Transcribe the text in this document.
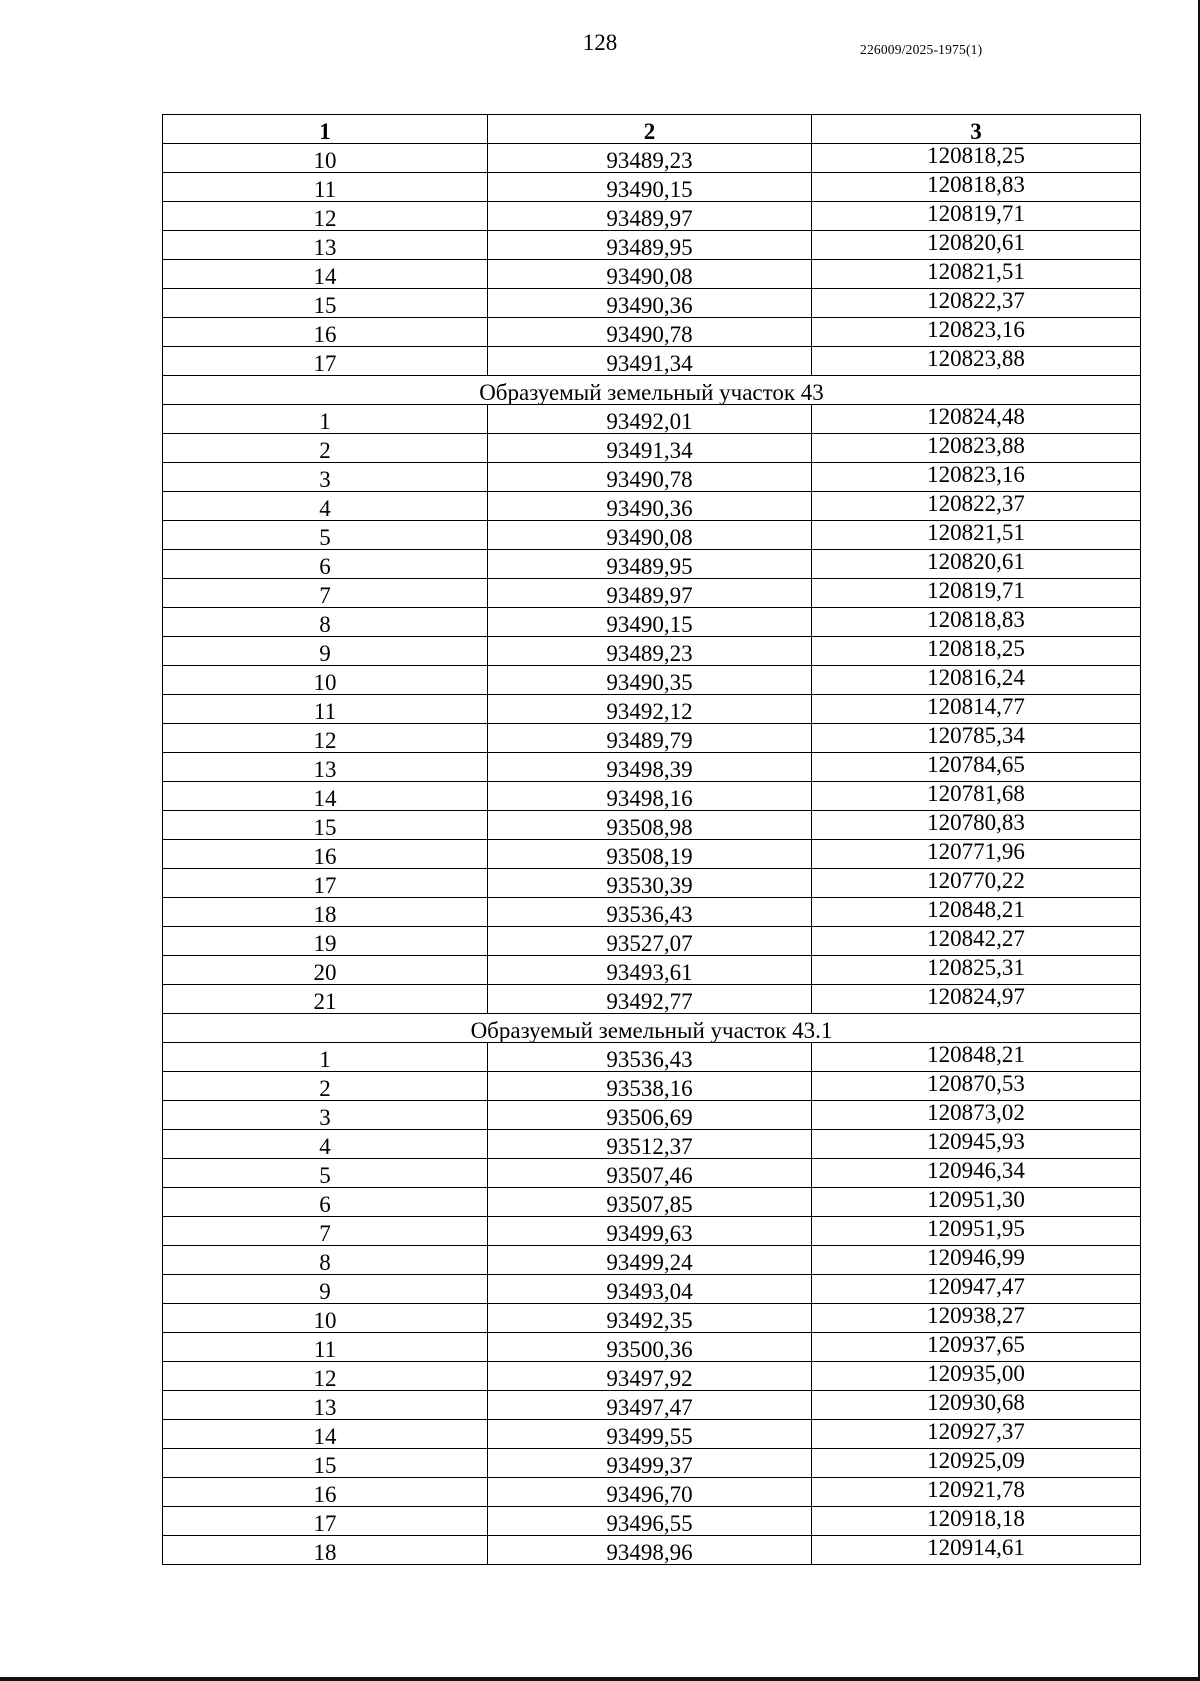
128	226009/2025-1975(1)
1	2	3
10	93489,23	120818,25
11	93490,15	120818,83
12	93489,97	120819,71
13	93489,95	120820,61
14	93490,08	120821,51
15	93490,36	120822,37
16	93490,78	120823,16
17	93491,34	120823,88
Образуемый земельный участок 43		
1	93492,01	120824,48
2	93491,34	120823,88
3	93490,78	120823,16
4	93490,36	120822,37
5	93490,08	120821,51
6	93489,95	120820,61
7	93489,97	120819,71
8	93490,15	120818,83
9	93489,23	120818,25
10	93490,35	120816,24
11	93492,12	120814,77
12	93489,79	120785,34
13	93498,39	120784,65
14	93498,16	120781,68
15	93508,98	120780,83
16	93508,19	120771,96
17	93530,39	120770,22
18	93536,43	120848,21
19	93527,07	120842,27
20	93493,61	120825,31
21	93492,77	120824,97
Образуемый земельный участок 43.1		
1	93536,43	120848,21
2	93538,16	120870,53
3	93506,69	120873,02
4	93512,37	120945,93
5	93507,46	120946,34
6	93507,85	120951,30
7	93499,63	120951,95
8	93499,24	120946,99
9	93493,04	120947,47
10	93492,35	120938,27
11	93500,36	120937,65
12	93497,92	120935,00
13	93497,47	120930,68
14	93499,55	120927,37
15	93499,37	120925,09
16	93496,70	120921,78
17	93496,55	120918,18
18	93498,96	120914,61
